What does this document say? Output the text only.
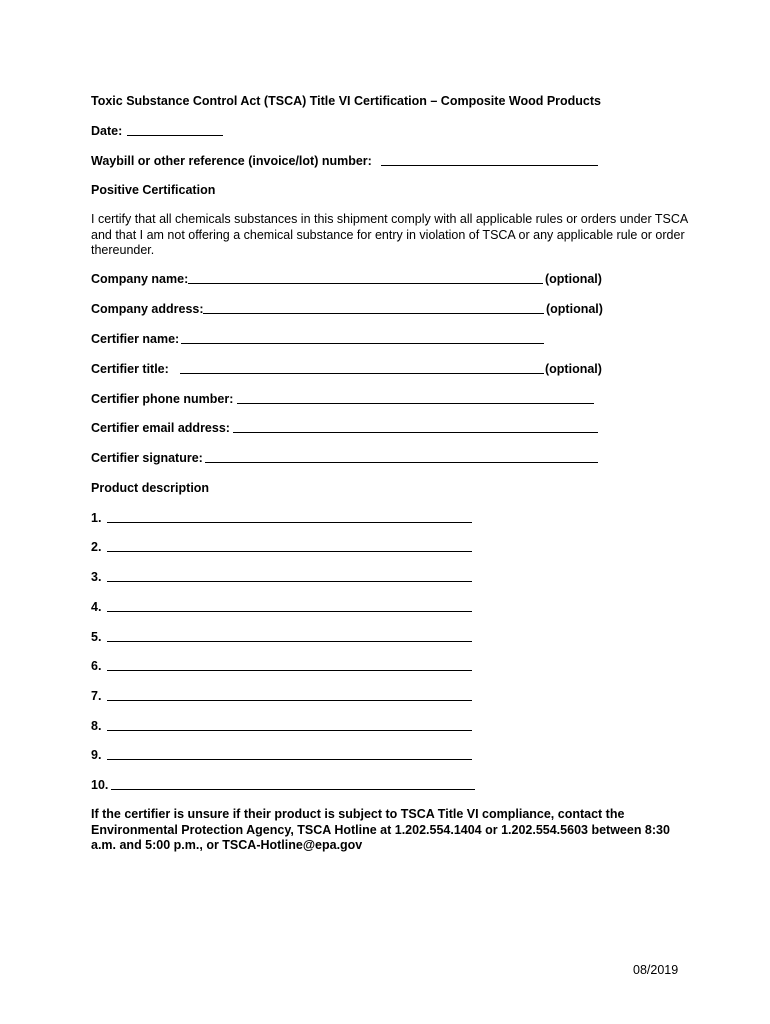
Toxic Substance Control Act (TSCA) Title VI Certification – Composite Wood Products
Date:
Waybill or other reference (invoice/lot) number:
Positive Certification
I certify that all chemicals substances in this shipment comply with all applicable rules or orders under TSCA and that I am not offering a chemical substance for entry in violation of TSCA or any applicable rule or order thereunder.
Company name:	(optional)
Company address:	(optional)
Certifier name:
Certifier title:	(optional)
Certifier phone number:
Certifier email address:
Certifier signature:
Product description
1.
2.
3.
4.
5.
6.
7.
8.
9.
10.
If the certifier is unsure if their product is subject to TSCA Title VI compliance, contact the Environmental Protection Agency, TSCA Hotline at 1.202.554.1404 or 1.202.554.5603 between 8:30 a.m. and 5:00 p.m., or TSCA-Hotline@epa.gov
08/2019
